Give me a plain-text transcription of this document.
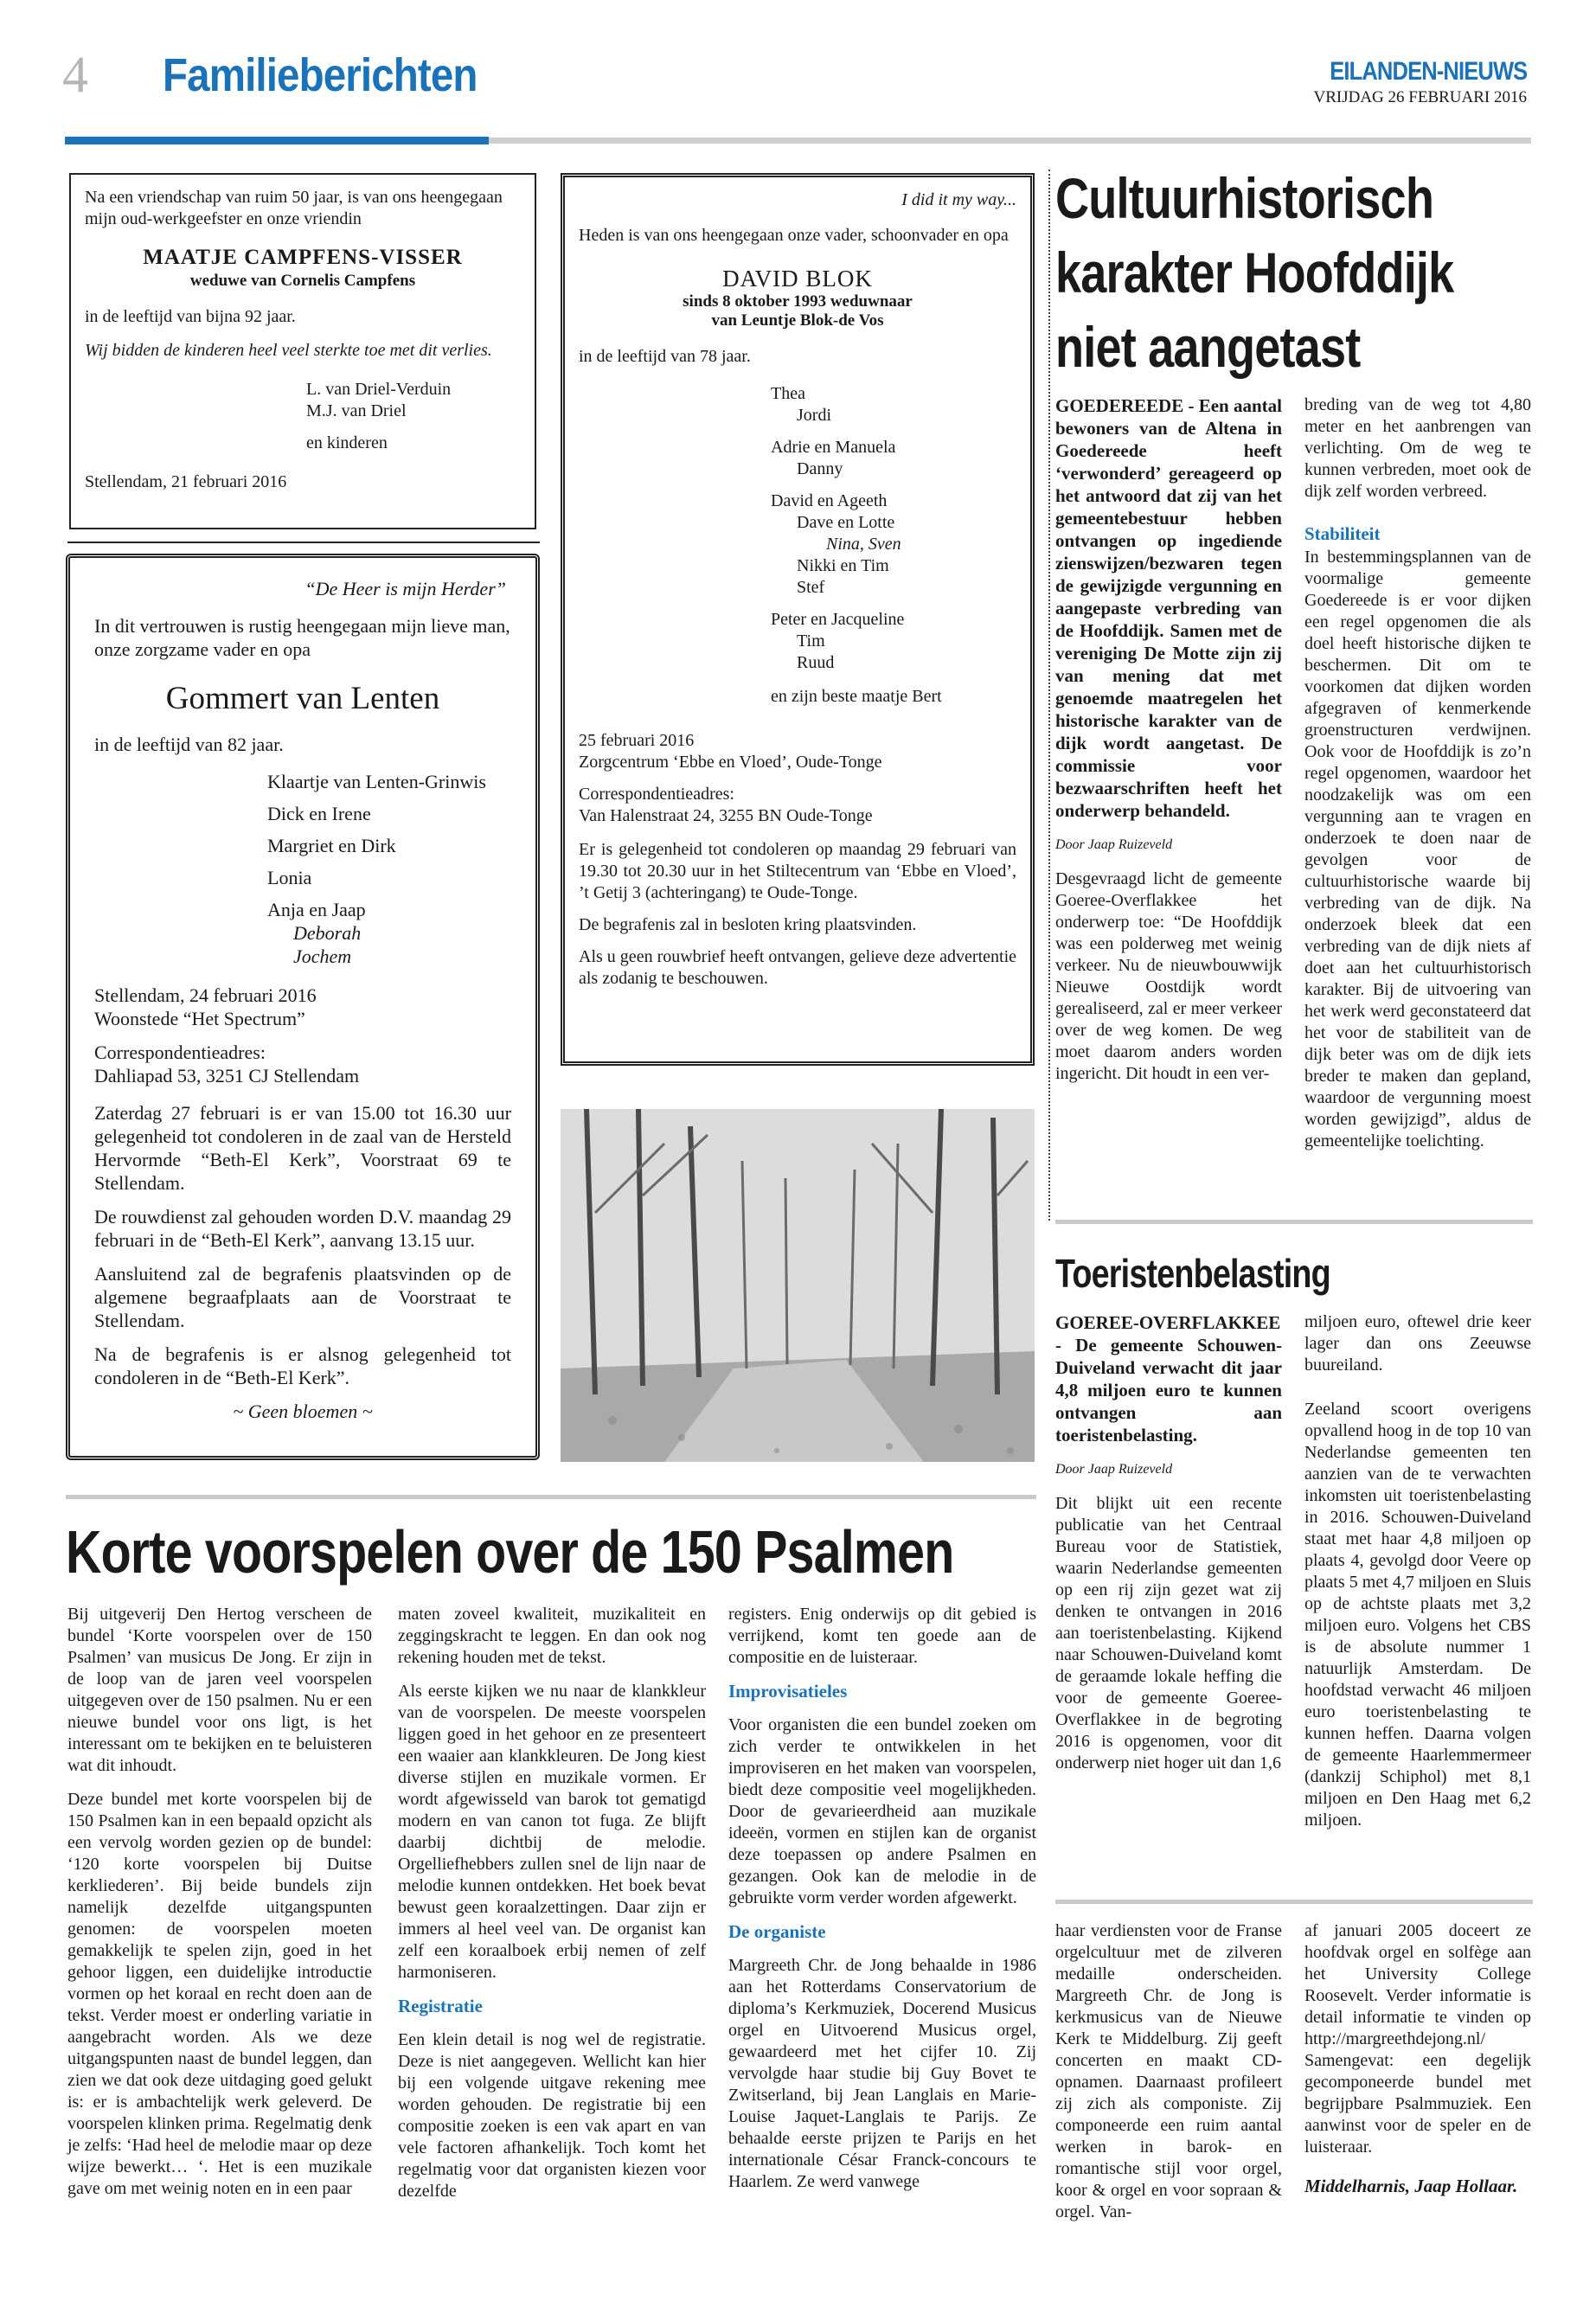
4 Familieberichten	EILANDEN-NIEUWS
VRIJDAG 26 FEBRUARI 2016

Na een vriendschap van ruim 50 jaar, is van ons heengegaan mijn oud-werkgeefster en onze vriendin

MAATJE CAMPFENS-VISSER

weduwe van Cornelis Campfens

in de leeftijd van bijna 92 jaar.

Wij bidden de kinderen heel veel sterkte toe met dit verlies.

L. van Driel-Verduin

M.J. van Driel

en kinderen

Stellendam, 21 februari 2016

“De Heer is mijn Herder”

In dit vertrouwen is rustig heengegaan mijn lieve man, onze zorgzame vader en opa

Gommert van Lenten

in de leeftijd van 82 jaar.

Klaartje van Lenten-Grinwis

Dick en Irene

Margriet en Dirk

Lonia

Anja en Jaap

Deborah

Jochem

Stellendam, 24 februari 2016

Woonstede “Het Spectrum”

Correspondentieadres:

Dahliapad 53, 3251 CJ Stellendam

Zaterdag 27 februari is er van 15.00 tot 16.30 uur gelegenheid tot condoleren in de zaal van de Hersteld Hervormde “Beth-El Kerk”, Voorstraat 69 te Stellendam.

De rouwdienst zal gehouden worden D.V. maandag 29 februari in de “Beth-El Kerk”, aanvang 13.15 uur.

Aansluitend zal de begrafenis plaatsvinden op de algemene begraafplaats aan de Voorstraat te Stellendam.

Na de begrafenis is er alsnog gelegenheid tot condoleren in de “Beth-El Kerk”.

~ Geen bloemen ~

I did it my way...

Heden is van ons heengegaan onze vader, schoonvader en opa

DAVID BLOK

sinds 8 oktober 1993 weduwnaar

van Leuntje Blok-de Vos

in de leeftijd van 78 jaar.

Thea

Jordi

Adrie en Manuela

Danny

David en Ageeth

Dave en Lotte

Nina, Sven

Nikki en Tim

Stef

Peter en Jacqueline

Tim

Ruud

en zijn beste maatje Bert

25 februari 2016

Zorgcentrum ‘Ebbe en Vloed’, Oude-Tonge

Correspondentieadres:

Van Halenstraat 24, 3255 BN Oude-Tonge

Er is gelegenheid tot condoleren op maandag 29 februari van 19.30 tot 20.30 uur in het Stiltecentrum van ‘Ebbe en Vloed’, ’t Getij 3 (achteringang) te Oude-Tonge.

De begrafenis zal in besloten kring plaatsvinden.

Als u geen rouwbrief heeft ontvangen, gelieve deze advertentie als zodanig te beschouwen.

Cultuurhistorisch
karakter Hoofddijk
niet aangetast

GOEDEREEDE - Een aantal bewoners van de Altena in Goedereede heeft ‘verwonderd’ gereageerd op het antwoord dat zij van het gemeentebestuur hebben ontvangen op ingediende zienswijzen/bezwaren tegen de gewijzigde vergunning en aangepaste verbreding van de Hoofddijk. Samen met de vereniging De Motte zijn zij van mening dat met genoemde maatregelen het historische karakter van de dijk wordt aangetast. De commissie voor bezwaarschriften heeft het onderwerp behandeld.

Door Jaap Ruizeveld

Desgevraagd licht de gemeente Goeree-Overflakkee het onderwerp toe: “De Hoofddijk was een polderweg met weinig verkeer. Nu de nieuwbouwwijk Nieuwe Oostdijk wordt gerealiseerd, zal er meer verkeer over de weg komen. De weg moet daarom anders worden ingericht. Dit houdt in een ver-

breding van de weg tot 4,80 meter en het aanbrengen van verlichting. Om de weg te kunnen verbreden, moet ook de dijk zelf worden verbreed.

Stabiliteit

In bestemmingsplannen van de voormalige gemeente Goedereede is er voor dijken een regel opgenomen die als doel heeft historische dijken te beschermen. Dit om te voorkomen dat dijken worden afgegraven of kenmerkende groenstructuren verdwijnen. Ook voor de Hoofddijk is zo’n regel opgenomen, waardoor het noodzakelijk was om een vergunning aan te vragen en onderzoek te doen naar de gevolgen voor de cultuurhistorische waarde bij verbreding van de dijk. Na onderzoek bleek dat een verbreding van de dijk niets af doet aan het cultuurhistorisch karakter. Bij de uitvoering van het werk werd geconstateerd dat het voor de stabiliteit van de dijk beter was om de dijk iets breder te maken dan gepland, waardoor de vergunning moest worden gewijzigd”, aldus de gemeentelijke toelichting.

Toeristenbelasting

GOEREE-OVERFLAKKEE - De gemeente Schouwen-Duiveland verwacht dit jaar 4,8 miljoen euro te kunnen ontvangen aan toeristenbelasting.

Door Jaap Ruizeveld

Dit blijkt uit een recente publicatie van het Centraal Bureau voor de Statistiek, waarin Nederlandse gemeenten op een rij zijn gezet wat zij denken te ontvangen in 2016 aan toeristenbelasting. Kijkend naar Schouwen-Duiveland komt de geraamde lokale heffing die voor de gemeente Goeree-Overflakkee in de begroting 2016 is opgenomen, voor dit onderwerp niet hoger uit dan 1,6

miljoen euro, oftewel drie keer lager dan ons Zeeuwse buureiland.

Zeeland scoort overigens opvallend hoog in de top 10 van Nederlandse gemeenten ten aanzien van de te verwachten inkomsten uit toeristenbelasting in 2016. Schouwen-Duiveland staat met haar 4,8 miljoen op plaats 4, gevolgd door Veere op plaats 5 met 4,7 miljoen en Sluis op de achtste plaats met 3,2 miljoen euro. Volgens het CBS is de absolute nummer 1 natuurlijk Amsterdam. De hoofdstad verwacht 46 miljoen euro toeristenbelasting te kunnen heffen. Daarna volgen de gemeente Haarlemmermeer (dankzij Schiphol) met 8,1 miljoen en Den Haag met 6,2 miljoen.

Korte voorspelen over de 150 Psalmen

Bij uitgeverij Den Hertog verscheen de bundel ‘Korte voorspelen over de 150 Psalmen’ van musicus De Jong. Er zijn in de loop van de jaren veel voorspelen uitgegeven over de 150 psalmen. Nu er een nieuwe bundel voor ons ligt, is het interessant om te bekijken en te beluisteren wat dit inhoudt.

Deze bundel met korte voorspelen bij de 150 Psalmen kan in een bepaald opzicht als een vervolg worden gezien op de bundel: ‘120 korte voorspelen bij Duitse kerkliederen’. Bij beide bundels zijn namelijk dezelfde uitgangspunten genomen: de voorspelen moeten gemakkelijk te spelen zijn, goed in het gehoor liggen, een duidelijke introductie vormen op het koraal en recht doen aan de tekst. Verder moest er onderling variatie in aangebracht worden. Als we deze uitgangspunten naast de bundel leggen, dan zien we dat ook deze uitdaging goed gelukt is: er is ambachtelijk werk geleverd. De voorspelen klinken prima. Regelmatig denk je zelfs: ‘Had heel de melodie maar op deze wijze bewerkt… ‘. Het is een muzikale gave om met weinig noten en in een paar

maten zoveel kwaliteit, muzikaliteit en zeggingskracht te leggen. En dan ook nog rekening houden met de tekst.

Als eerste kijken we nu naar de klankkleur van de voorspelen. De meeste voorspelen liggen goed in het gehoor en ze presenteert een waaier aan klankkleuren. De Jong kiest diverse stijlen en muzikale vormen. Er wordt afgewisseld van barok tot gematigd modern en van canon tot fuga. Ze blijft daarbij dichtbij de melodie. Orgelliefhebbers zullen snel de lijn naar de melodie kunnen ontdekken. Het boek bevat bewust geen koraalzettingen. Daar zijn er immers al heel veel van. De organist kan zelf een koraalboek erbij nemen of zelf harmoniseren.

Registratie

Een klein detail is nog wel de registratie. Deze is niet aangegeven. Wellicht kan hier bij een volgende uitgave rekening mee worden gehouden. De registratie bij een compositie zoeken is een vak apart en van vele factoren afhankelijk. Toch komt het regelmatig voor dat organisten kiezen voor dezelfde

registers. Enig onderwijs op dit gebied is verrijkend, komt ten goede aan de compositie en de luisteraar.

Improvisatieles

Voor organisten die een bundel zoeken om zich verder te ontwikkelen in het improviseren en het maken van voorspelen, biedt deze compositie veel mogelijkheden. Door de gevarieerdheid aan muzikale ideeën, vormen en stijlen kan de organist deze toepassen op andere Psalmen en gezangen. Ook kan de melodie in de gebruikte vorm verder worden afgewerkt.

De organiste

Margreeth Chr. de Jong behaalde in 1986 aan het Rotterdams Conservatorium de diploma’s Kerkmuziek, Docerend Musicus orgel en Uitvoerend Musicus orgel, gewaardeerd met het cijfer 10. Zij vervolgde haar studie bij Guy Bovet te Zwitserland, bij Jean Langlais en Marie-Louise Jaquet-Langlais te Parijs. Ze behaalde eerste prijzen te Parijs en het internationale César Franck-concours te Haarlem. Ze werd vanwege

haar verdiensten voor de Franse orgelcultuur met de zilveren medaille onderscheiden. Margreeth Chr. de Jong is kerkmusicus van de Nieuwe Kerk te Middelburg. Zij geeft concerten en maakt CD-opnamen. Daarnaast profileert zij zich als componiste. Zij componeerde een ruim aantal werken in barok- en romantische stijl voor orgel, koor & orgel en voor sopraan & orgel. Van-

af januari 2005 doceert ze hoofdvak orgel en solfège aan het University College Roosevelt. Verder informatie is detail informatie te vinden op http://margreethdejong.nl/ Samengevat: een degelijk gecomponeerde bundel met begrijpbare Psalmmuziek. Een aanwinst voor de speler en de luisteraar.

Middelharnis, Jaap Hollaar.
